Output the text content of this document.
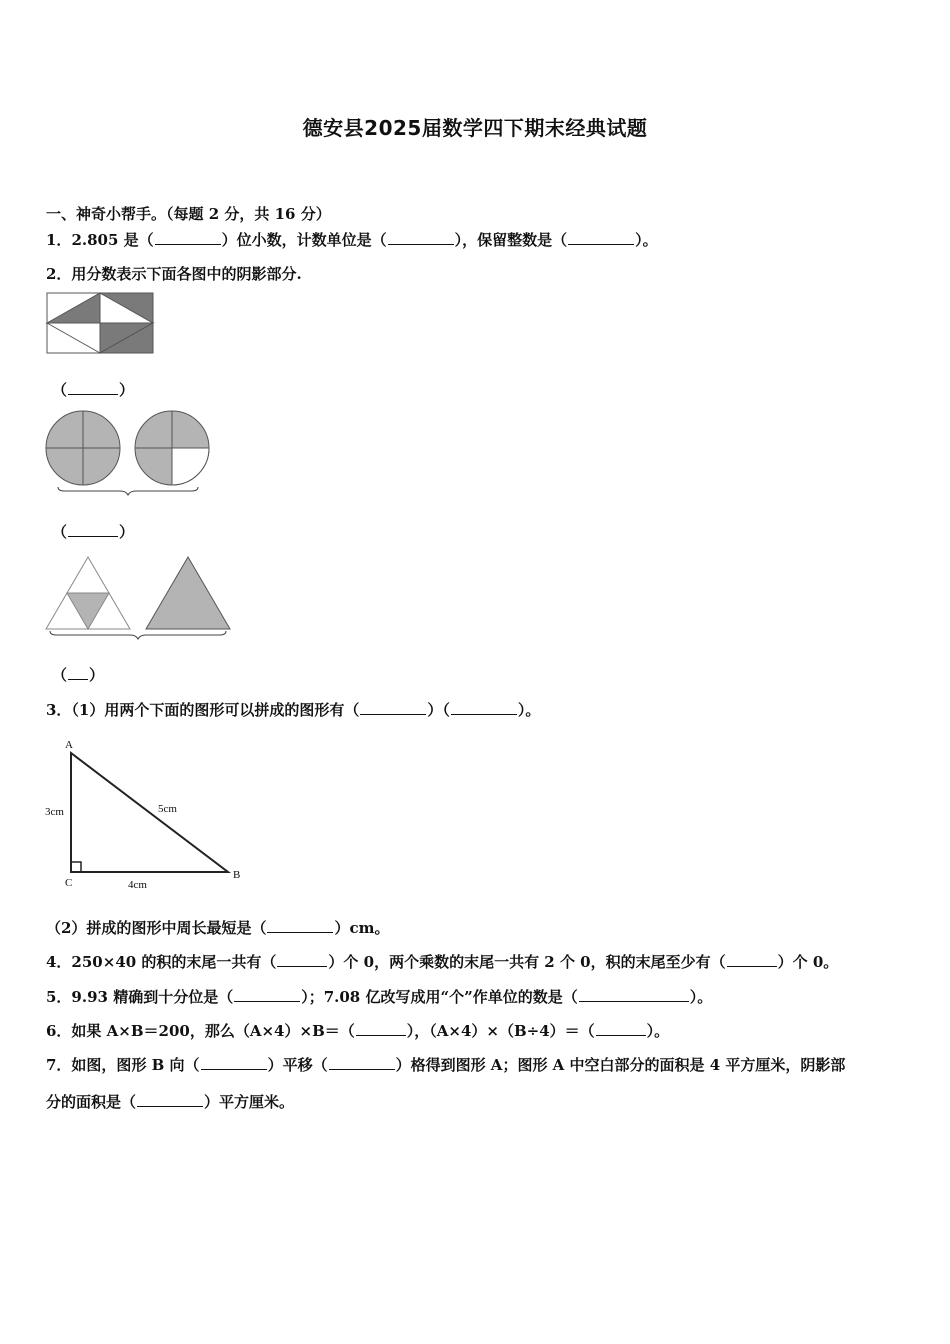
德安县2025届数学四下期末经典试题
一、神奇小帮手。（每题 2 分，共 16 分）
1．2.805 是（	）位小数，计数单位是（	），保留整数是（	）。
2．用分数表示下面各图中的阴影部分.
（	）
（	）
（ ）
3．（1）用两个下面的图形可以拼成的图形有（	）（	）。
A
B
C
3cm	5cm
4cm
（2）拼成的图形中周长最短是（	）cm。
4．250×40 的积的末尾一共有（	）个 0，两个乘数的末尾一共有 2 个 0，积的末尾至少有（	）个 0。
5．9.93 精确到十分位是（	）；7.08 亿改写成用“个”作单位的数是（	）。
6．如果 A×B＝200，那么（A×4）×B＝（	），（A×4）×（B÷4）＝（	）。
7．如图，图形 B 向（	）平移（	）格得到图形 A；图形 A 中空白部分的面积是 4 平方厘米，阴影部
分的面积是（	）平方厘米。
